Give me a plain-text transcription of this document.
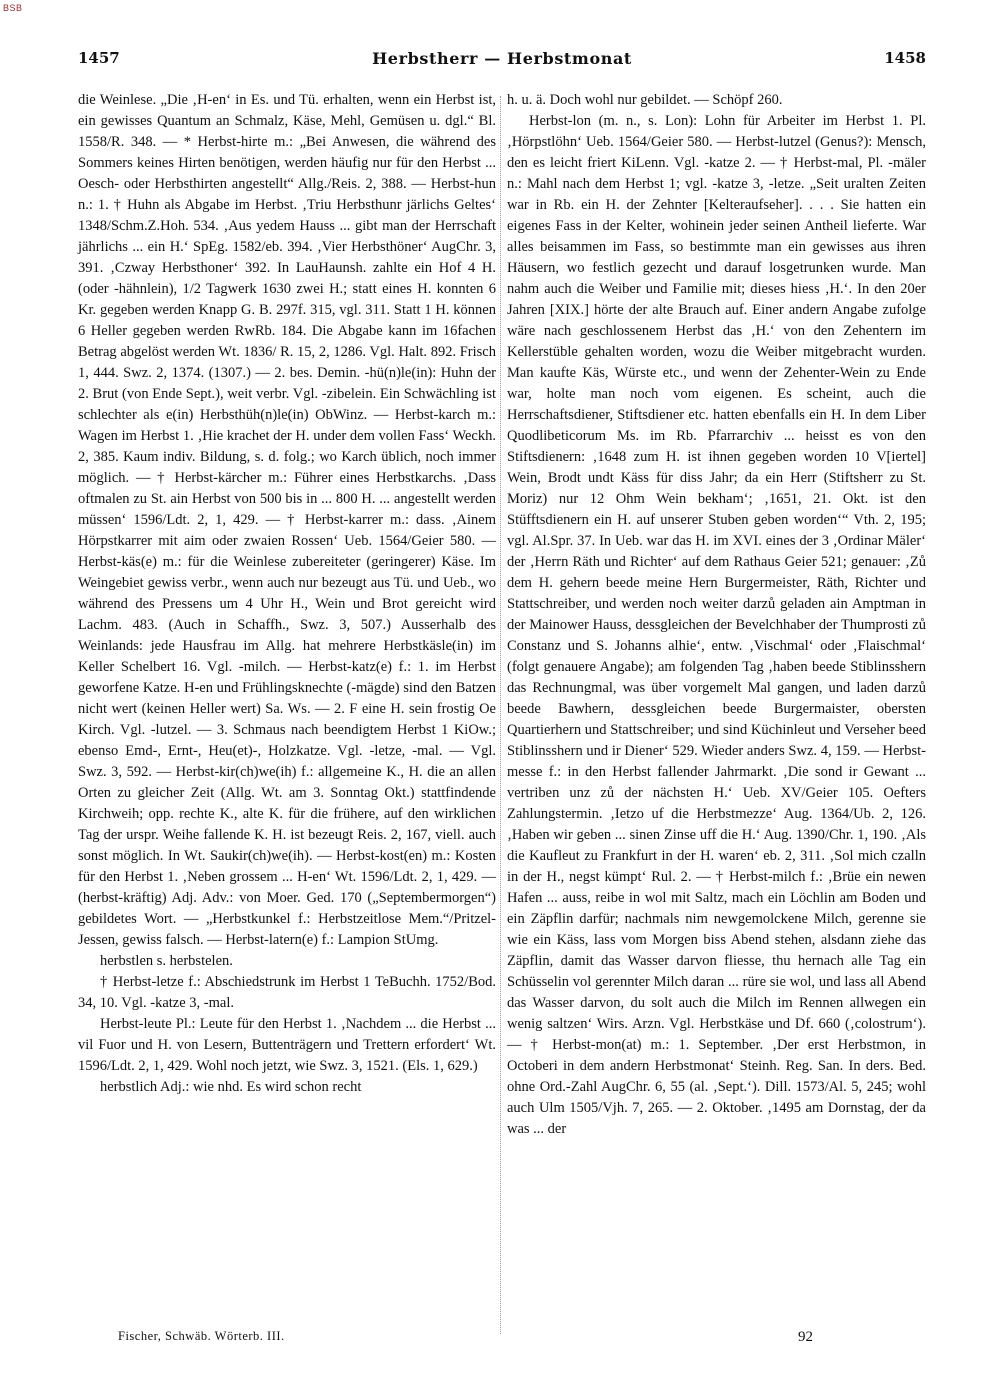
BSB
1457	Herbstherr — Herbstmonat	1458

die Weinlese. „Die ‚H-en‘ in Es. und Tü. erhalten, wenn ein Herbst ist, ein gewisses Quantum an Schmalz, Käse, Mehl, Gemüsen u. dgl.“ Bl. 1558/R. 348. — * Herbst-hirte m.: „Bei Anwesen, die während des Sommers keines Hirten benötigen, werden häufig nur für den Herbst ... Oesch- oder Herbsthirten angestellt“ Allg./Reis. 2, 388. — Herbst-hun n.: 1. † Huhn als Abgabe im Herbst. ‚Triu Herbsthunr järlichs Geltes‘ 1348/Schm.Z.Hoh. 534. ‚Aus yedem Hauss ... gibt man der Herrschaft jährlichs ... ein H.‘ SpEg. 1582/eb. 394. ‚Vier Herbsthöner‘ AugChr. 3, 391. ‚Czway Herbsthoner‘ 392. In LauHaunsh. zahlte ein Hof 4 H. (oder -hähnlein), 1/2 Tagwerk 1630 zwei H.; statt eines H. konnten 6 Kr. gegeben werden Knapp G. B. 297f. 315, vgl. 311. Statt 1 H. können 6 Heller gegeben werden RwRb. 184. Die Abgabe kann im 16fachen Betrag abgelöst werden Wt. 1836/ R. 15, 2, 1286. Vgl. Halt. 892. Frisch 1, 444. Swz. 2, 1374. (1307.) — 2. bes. Demin. -hü(n)le(in): Huhn der 2. Brut (von Ende Sept.), weit verbr. Vgl. -zibelein. Ein Schwächling ist schlechter als e(in) Herbsthüh(n)le(in) ObWinz. — Herbst-karch m.: Wagen im Herbst 1. ‚Hie krachet der H. under dem vollen Fass‘ Weckh. 2, 385. Kaum indiv. Bildung, s. d. folg.; wo Karch üblich, noch immer möglich. — † Herbst-kärcher m.: Führer eines Herbstkarchs. ‚Dass oftmalen zu St. ain Herbst von 500 bis in ... 800 H. ... angestellt werden müssen‘ 1596/Ldt. 2, 1, 429. — † Herbst-karrer m.: dass. ‚Ainem Hörpstkarrer mit aim oder zwaien Rossen‘ Ueb. 1564/Geier 580. — Herbst-käs(e) m.: für die Weinlese zubereiteter (geringerer) Käse. Im Weingebiet gewiss verbr., wenn auch nur bezeugt aus Tü. und Ueb., wo während des Pressens um 4 Uhr H., Wein und Brot gereicht wird Lachm. 483. (Auch in Schaffh., Swz. 3, 507.) Ausserhalb des Weinlands: jede Hausfrau im Allg. hat mehrere Herbstkäsle(in) im Keller Schelbert 16. Vgl. -milch. — Herbst-katz(e) f.: 1. im Herbst geworfene Katze. H-en und Frühlingsknechte (-mägde) sind den Batzen nicht wert (keinen Heller wert) Sa. Ws. — 2. F eine H. sein frostig Oe Kirch. Vgl. -lutzel. — 3. Schmaus nach beendigtem Herbst 1 KiOw.; ebenso Emd-, Ernt-, Heu(et)-, Holzkatze. Vgl. -letze, -mal. — Vgl. Swz. 3, 592. — Herbst-kir(ch)we(ih) f.: allgemeine K., H. die an allen Orten zu gleicher Zeit (Allg. Wt. am 3. Sonntag Okt.) stattfindende Kirchweih; opp. rechte K., alte K. für die frühere, auf den wirklichen Tag der urspr. Weihe fallende K. H. ist bezeugt Reis. 2, 167, viell. auch sonst möglich. In Wt. Saukir(ch)we(ih). — Herbst-kost(en) m.: Kosten für den Herbst 1. ‚Neben grossem ... H-en‘ Wt. 1596/Ldt. 2, 1, 429. — (herbst-kräftig) Adj. Adv.: von Moer. Ged. 170 („Septembermorgen“) gebildetes Wort. — „Herbstkunkel f.: Herbstzeitlose Mem.“/Pritzel-Jessen, gewiss falsch. — Herbst-latern(e) f.: Lampion StUmg.

herbstlen s. herbstelen.

† Herbst-letze f.: Abschiedstrunk im Herbst 1 TeBuchh. 1752/Bod. 34, 10. Vgl. -katze 3, -mal.

Herbst-leute Pl.: Leute für den Herbst 1. ‚Nachdem ... die Herbst ... vil Fuor und H. von Lesern, Buttenträgern und Trettern erfordert‘ Wt. 1596/Ldt. 2, 1, 429. Wohl noch jetzt, wie Swz. 3, 1521. (Els. 1, 629.)

herbstlich Adj.: wie nhd. Es wird schon recht

h. u. ä. Doch wohl nur gebildet. — Schöpf 260.

Herbst-lon (m. n., s. Lon): Lohn für Arbeiter im Herbst 1. Pl. ‚Hörpstlöhn‘ Ueb. 1564/Geier 580. — Herbst-lutzel (Genus?): Mensch, den es leicht friert KiLenn. Vgl. -katze 2. — † Herbst-mal, Pl. -mäler n.: Mahl nach dem Herbst 1; vgl. -katze 3, -letze. „Seit uralten Zeiten war in Rb. ein H. der Zehnter [Kelteraufseher]. . . . Sie hatten ein eigenes Fass in der Kelter, wohinein jeder seinen Antheil lieferte. War alles beisammen im Fass, so bestimmte man ein gewisses aus ihren Häusern, wo festlich gezecht und darauf losgetrunken wurde. Man nahm auch die Weiber und Familie mit; dieses hiess ‚H.‘. In den 20er Jahren [XIX.] hörte der alte Brauch auf. Einer andern Angabe zufolge wäre nach geschlossenem Herbst das ‚H.‘ von den Zehentern im Kellerstüble gehalten worden, wozu die Weiber mitgebracht wurden. Man kaufte Käs, Würste etc., und wenn der Zehenter-Wein zu Ende war, holte man noch vom eigenen. Es scheint, auch die Herrschaftsdiener, Stiftsdiener etc. hatten ebenfalls ein H. In dem Liber Quodlibeticorum Ms. im Rb. Pfarrarchiv ... heisst es von den Stiftsdienern: ‚1648 zum H. ist ihnen gegeben worden 10 V[iertel] Wein, Brodt undt Käss für diss Jahr; da ein Herr (Stiftsherr zu St. Moriz) nur 12 Ohm Wein bekham‘; ‚1651, 21. Okt. ist den Stüfftsdienern ein H. auf unserer Stuben geben worden‘“ Vth. 2, 195; vgl. Al.Spr. 37. In Ueb. war das H. im XVI. eines der 3 ‚Ordinar Mäler‘ der ‚Herrn Räth und Richter‘ auf dem Rathaus Geier 521; genauer: ‚Zů dem H. gehern beede meine Hern Burgermeister, Räth, Richter und Stattschreiber, und werden noch weiter darzů geladen ain Amptman in der Mainower Hauss, dessgleichen der Bevelchhaber der Thumprosti zů Constanz und S. Johanns alhie‘, entw. ‚Vischmal‘ oder ‚Flaischmal‘ (folgt genauere Angabe); am folgenden Tag ‚haben beede Stiblinsshern das Rechnungmal, was über vorgemelt Mal gangen, und laden darzů beede Bawhern, dessgleichen beede Burgermaister, obersten Quartierhern und Stattschreiber; und sind Küchinleut und Verseher beed Stiblinsshern und ir Diener‘ 529. Wieder anders Swz. 4, 159. — Herbst-messe f.: in den Herbst fallender Jahrmarkt. ‚Die sond ir Gewant ... vertriben unz zů der nächsten H.‘ Ueb. XV/Geier 105. Oefters Zahlungstermin. ‚Ietzo uf die Herbstmezze‘ Aug. 1364/Ub. 2, 126. ‚Haben wir geben ... sinen Zinse uff die H.‘ Aug. 1390/Chr. 1, 190. ‚Als die Kaufleut zu Frankfurt in der H. waren‘ eb. 2, 311. ‚Sol mich czalln in der H., negst kümpt‘ Rul. 2. — † Herbst-milch f.: ‚Brüe ein newen Hafen ... auss, reibe in wol mit Saltz, mach ein Löchlin am Boden und ein Zäpflin darfür; nachmals nim newgemolckene Milch, gerenne sie wie ein Käss, lass vom Morgen biss Abend stehen, alsdann ziehe das Zäpflin, damit das Wasser darvon fliesse, thu hernach alle Tag ein Schüsselin vol gerennter Milch daran ... rüre sie wol, und lass all Abend das Wasser darvon, du solt auch die Milch im Rennen allwegen ein wenig saltzen‘ Wirs. Arzn. Vgl. Herbstkäse und Df. 660 (‚colostrum‘). — † Herbst-mon(at) m.: 1. September. ‚Der erst Herbstmon, in Octoberi in dem andern Herbstmonat‘ Steinh. Reg. San. In ders. Bed. ohne Ord.-Zahl AugChr. 6, 55 (al. ‚Sept.‘). Dill. 1573/Al. 5, 245; wohl auch Ulm 1505/Vjh. 7, 265. — 2. Oktober. ‚1495 am Dornstag, der da was ... der

Fischer, Schwäb. Wörterb. III.	92
